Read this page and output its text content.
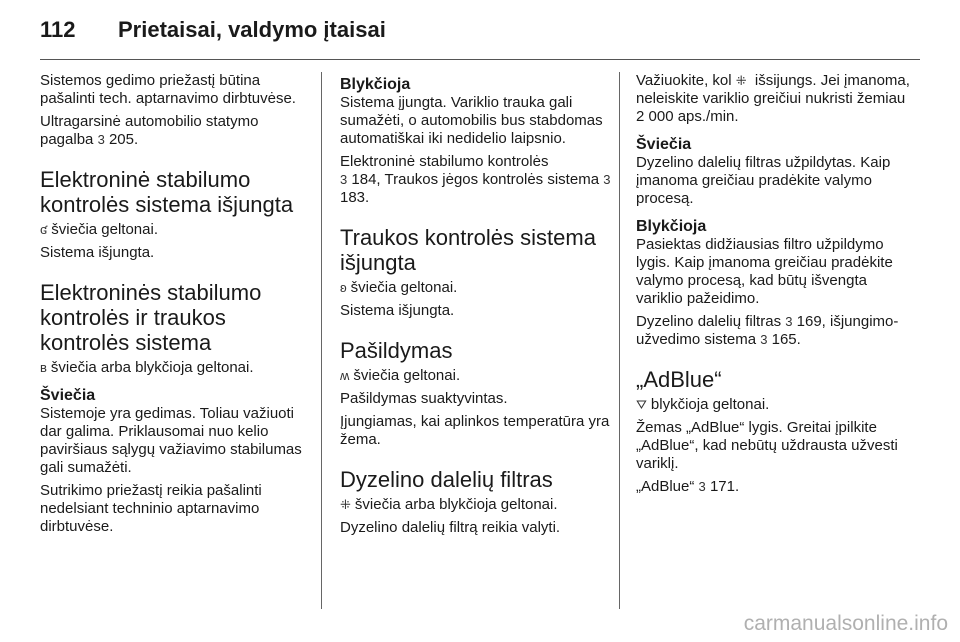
112	Prietaisai, valdymo įtaisai

Sistemos gedimo priežastį būtina pašalinti tech. aptarnavimo dirbtuvėse.

Ultragarsinė automobilio statymo pagalba 3 205.

Elektroninė stabilumo kontrolės sistema išjungta

ʛ šviečia geltonai.

Sistema išjungta.

Elektroninės stabilumo kontrolės ir traukos kontrolės sistema

ʙ šviečia arba blykčioja geltonai.

Šviečia

Sistemoje yra gedimas. Toliau važiuoti dar galima. Priklausomai nuo kelio paviršiaus sąlygų važiavimo stabilumas gali sumažėti.

Sutrikimo priežastį reikia pašalinti nedelsiant techninio aptarnavimo dirbtuvėse.

Blykčioja

Sistema įjungta. Variklio trauka gali sumažėti, o automobilis bus stabdomas automatiškai iki nedidelio laipsnio.

Elektroninė stabilumo kontrolės
3 184, Traukos jėgos kontrolės sistema 3 183.

Traukos kontrolės sistema išjungta

ʚ šviečia geltonai.

Sistema išjungta.

Pašildymas

ʍ šviečia geltonai.

Pašildymas suaktyvintas.

Įjungiamas, kai aplinkos temperatūra yra žema.

Dyzelino dalelių filtras

⁜ šviečia arba blykčioja geltonai.

Dyzelino dalelių filtrą reikia valyti.

Važiuokite, kol ⁜ išsijungs. Jei įmanoma, neleiskite variklio greičiui nukristi žemiau 2 000 aps./min.

Šviečia

Dyzelino dalelių filtras užpildytas. Kaip įmanoma greičiau pradėkite valymo procesą.

Blykčioja

Pasiektas didžiausias filtro užpildymo lygis. Kaip įmanoma greičiau pradėkite valymo procesą, kad būtų išvengta variklio pažeidimo.

Dyzelino dalelių filtras 3 169, išjungimo-užvedimo sistema 3 165.

„AdBlue“

⛛ blykčioja geltonai.

Žemas „AdBlue“ lygis. Greitai įpilkite „AdBlue“, kad nebūtų uždrausta užvesti variklį.

„AdBlue“ 3 171.

carmanualsonline.info
